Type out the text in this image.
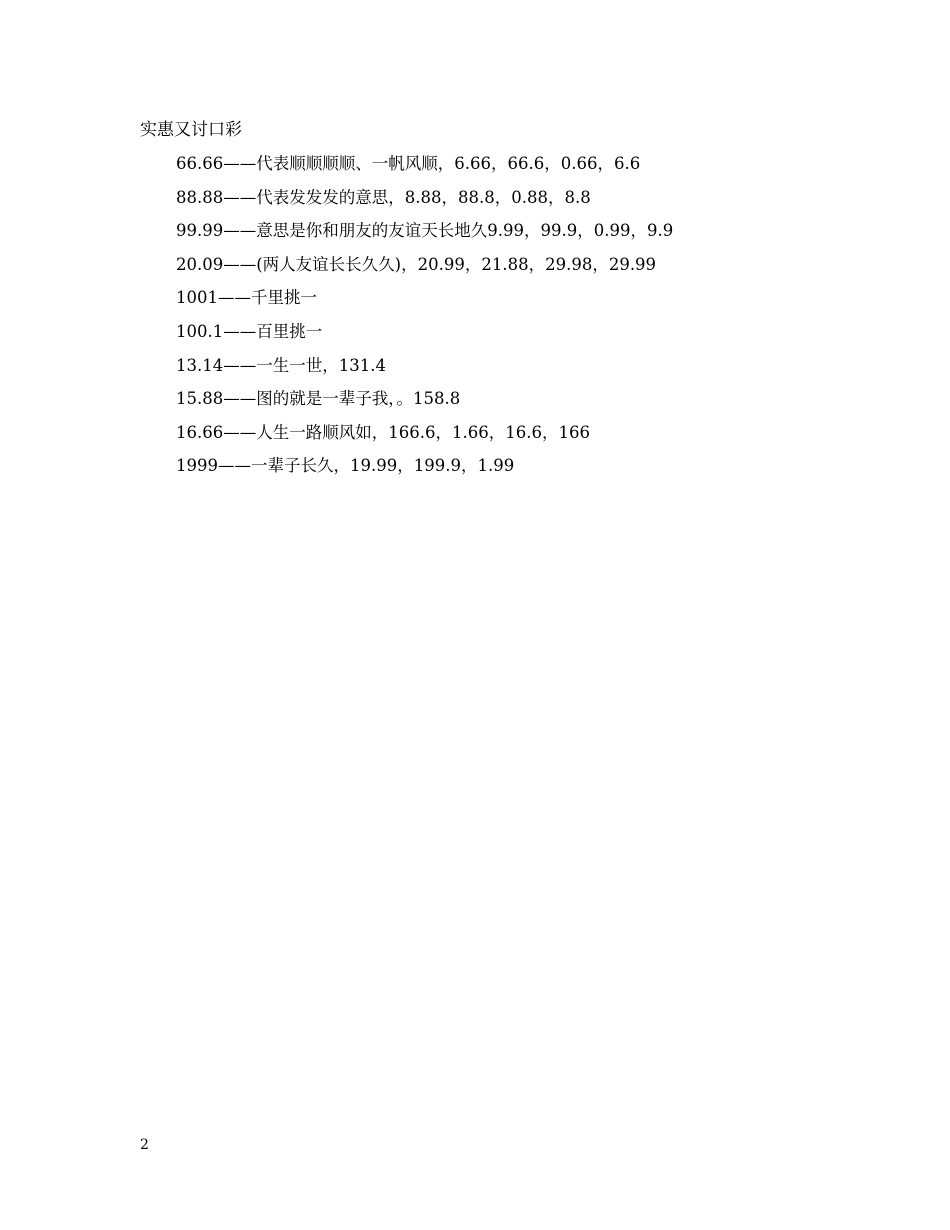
实惠又讨口彩
66.66——代表顺顺顺顺、一帆风顺，6.66，66.6，0.66，6.6
88.88——代表发发发的意思，8.88，88.8，0.88，8.8
99.99——意思是你和朋友的友谊天长地久9.99，99.9，0.99，9.9
20.09——(两人友谊长长久久)，20.99，21.88，29.98，29.99
1001——千里挑一
100.1——百里挑一
13.14——一生一世，131.4
15.88——图的就是一辈子我，。158.8
16.66——人生一路顺风如，166.6，1.66，16.6，166
1999——一辈子长久，19.99，199.9，1.99
2
